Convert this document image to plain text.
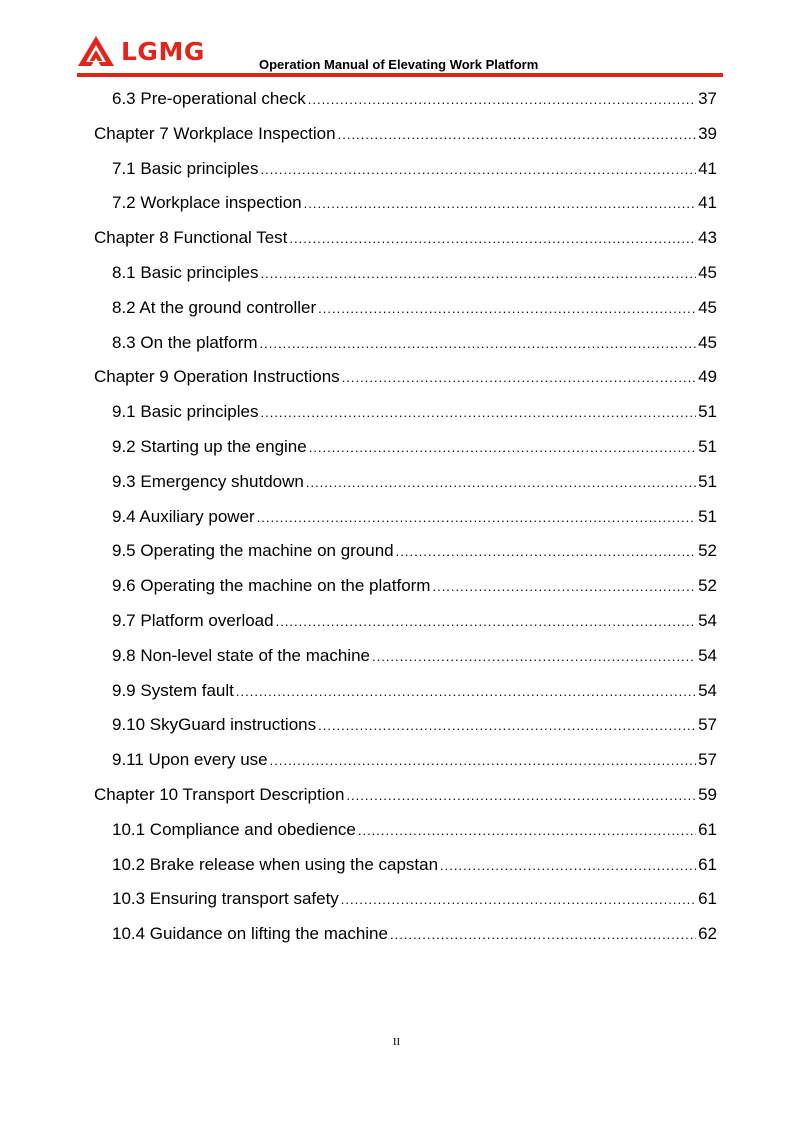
LGMG	Operation Manual of Elevating Work Platform
6.3 Pre-operational check .....	37
Chapter 7 Workplace Inspection .....	39
7.1 Basic principles .....	41
7.2 Workplace inspection .....	41
Chapter 8 Functional Test .....	43
8.1 Basic principles .....	45
8.2 At the ground controller .....	45
8.3 On the platform .....	45
Chapter 9 Operation Instructions .....	49
9.1 Basic principles .....	51
9.2 Starting up the engine .....	51
9.3 Emergency shutdown .....	51
9.4 Auxiliary power .....	51
9.5 Operating the machine on ground .....	52
9.6 Operating the machine on the platform .....	52
9.7 Platform overload .....	54
9.8 Non-level state of the machine .....	54
9.9 System fault .....	54
9.10 SkyGuard instructions .....	57
9.11 Upon every use .....	57
Chapter 10 Transport Description .....	59
10.1 Compliance and obedience .....	61
10.2 Brake release when using the capstan .....	61
10.3 Ensuring transport safety .....	61
10.4 Guidance on lifting the machine .....	62
II
